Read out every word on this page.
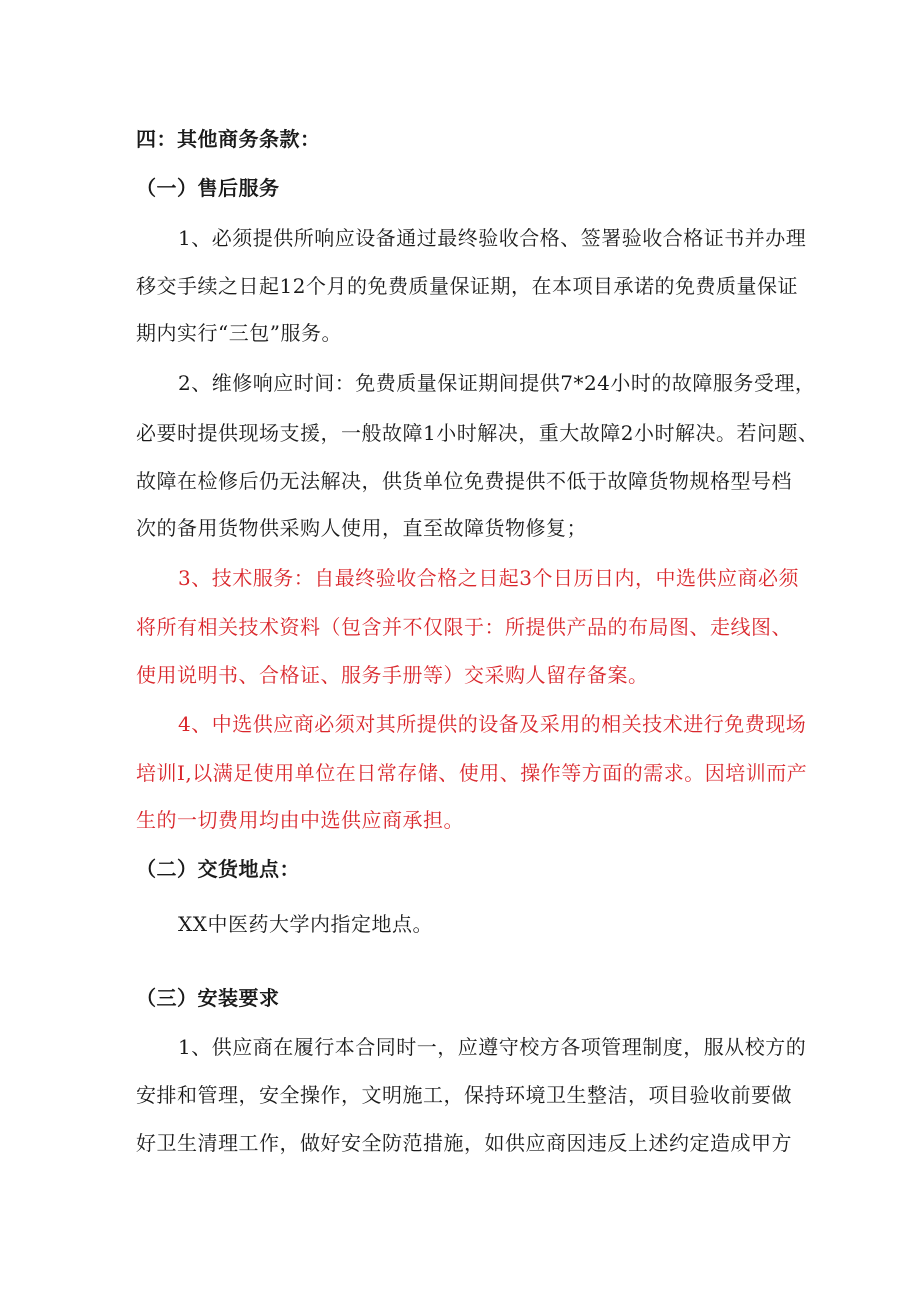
四：其他商务条款：
（一）售后服务
1、必须提供所响应设备通过最终验收合格、签署验收合格证书并办理
移交手续之日起12个月的免费质量保证期，在本项目承诺的免费质量保证
期内实行“三包”服务。
2、维修响应时间：免费质量保证期间提供7*24小时的故障服务受理，
必要时提供现场支援，一般故障1小时解决，重大故障2小时解决。若问题、
故障在检修后仍无法解决，供货单位免费提供不低于故障货物规格型号档
次的备用货物供采购人使用，直至故障货物修复；
3、技术服务：自最终验收合格之日起3个日历日内，中选供应商必须
将所有相关技术资料（包含并不仅限于：所提供产品的布局图、走线图、
使用说明书、合格证、服务手册等）交采购人留存备案。
4、中选供应商必须对其所提供的设备及采用的相关技术进行免费现场
培训I,以满足使用单位在日常存储、使用、操作等方面的需求。因培训而产
生的一切费用均由中选供应商承担。
（二）交货地点：
XX中医药大学内指定地点。
（三）安装要求
1、供应商在履行本合同时一，应遵守校方各项管理制度，服从校方的
安排和管理，安全操作，文明施工，保持环境卫生整洁，项目验收前要做
好卫生清理工作，做好安全防范措施，如供应商因违反上述约定造成甲方
